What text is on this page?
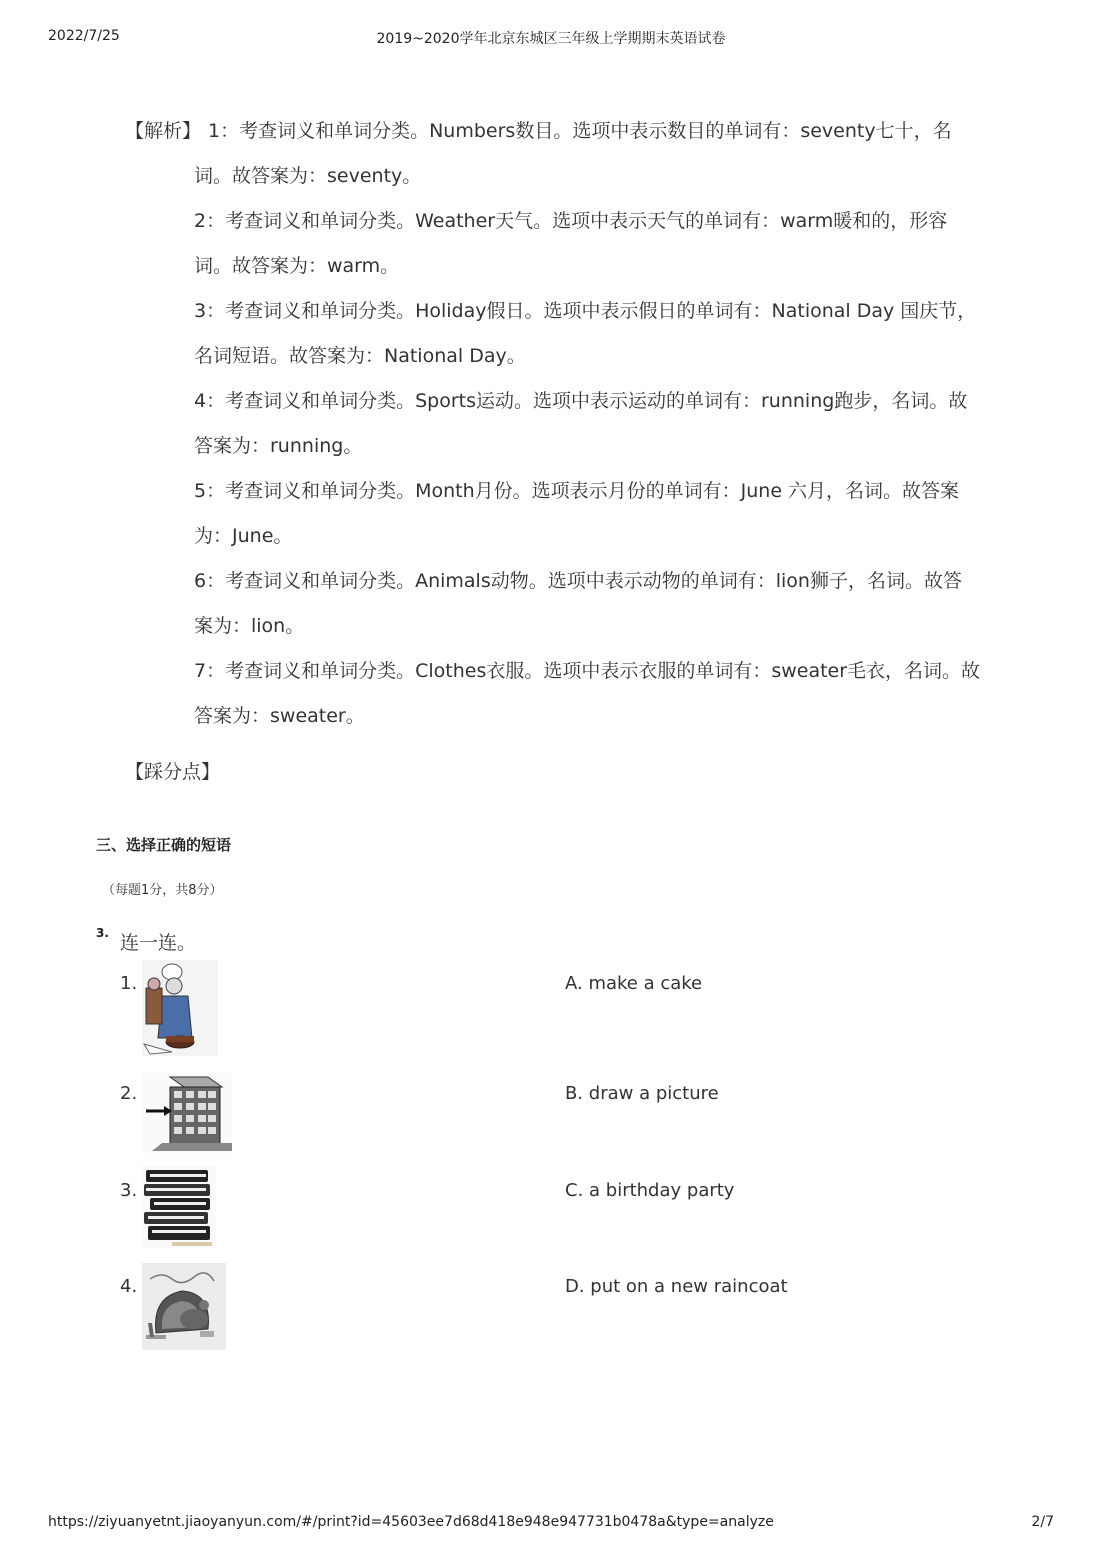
2022/7/25	2019~2020学年北京东城区三年级上学期期末英语试卷
【解析】 1：考查词义和单词分类。Numbers数目。选项中表示数目的单词有：seventy七十，名
词。故答案为：seventy。
2：考查词义和单词分类。Weather天气。选项中表示天气的单词有：warm暖和的，形容
词。故答案为：warm。
3：考查词义和单词分类。Holiday假日。选项中表示假日的单词有：National Day 国庆节，
名词短语。故答案为：National Day。
4：考查词义和单词分类。Sports运动。选项中表示运动的单词有：running跑步，名词。故
答案为：running。
5：考查词义和单词分类。Month月份。选项表示月份的单词有：June 六月，名词。故答案
为：June。
6：考查词义和单词分类。Animals动物。选项中表示动物的单词有：lion狮子，名词。故答
案为：lion。
7：考查词义和单词分类。Clothes衣服。选项中表示衣服的单词有：sweater毛衣，名词。故
答案为：sweater。
【踩分点】
三、选择正确的短语
（每题1分，共8分）
3. 连一连。
1.	A. make a cake
2.	B. draw a picture
3.	C. a birthday party
4.	D. put on a new raincoat
https://ziyuanyetnt.jiaoyanyun.com/#/print?id=45603ee7d68d418e948e947731b0478a&type=analyze	2/7
